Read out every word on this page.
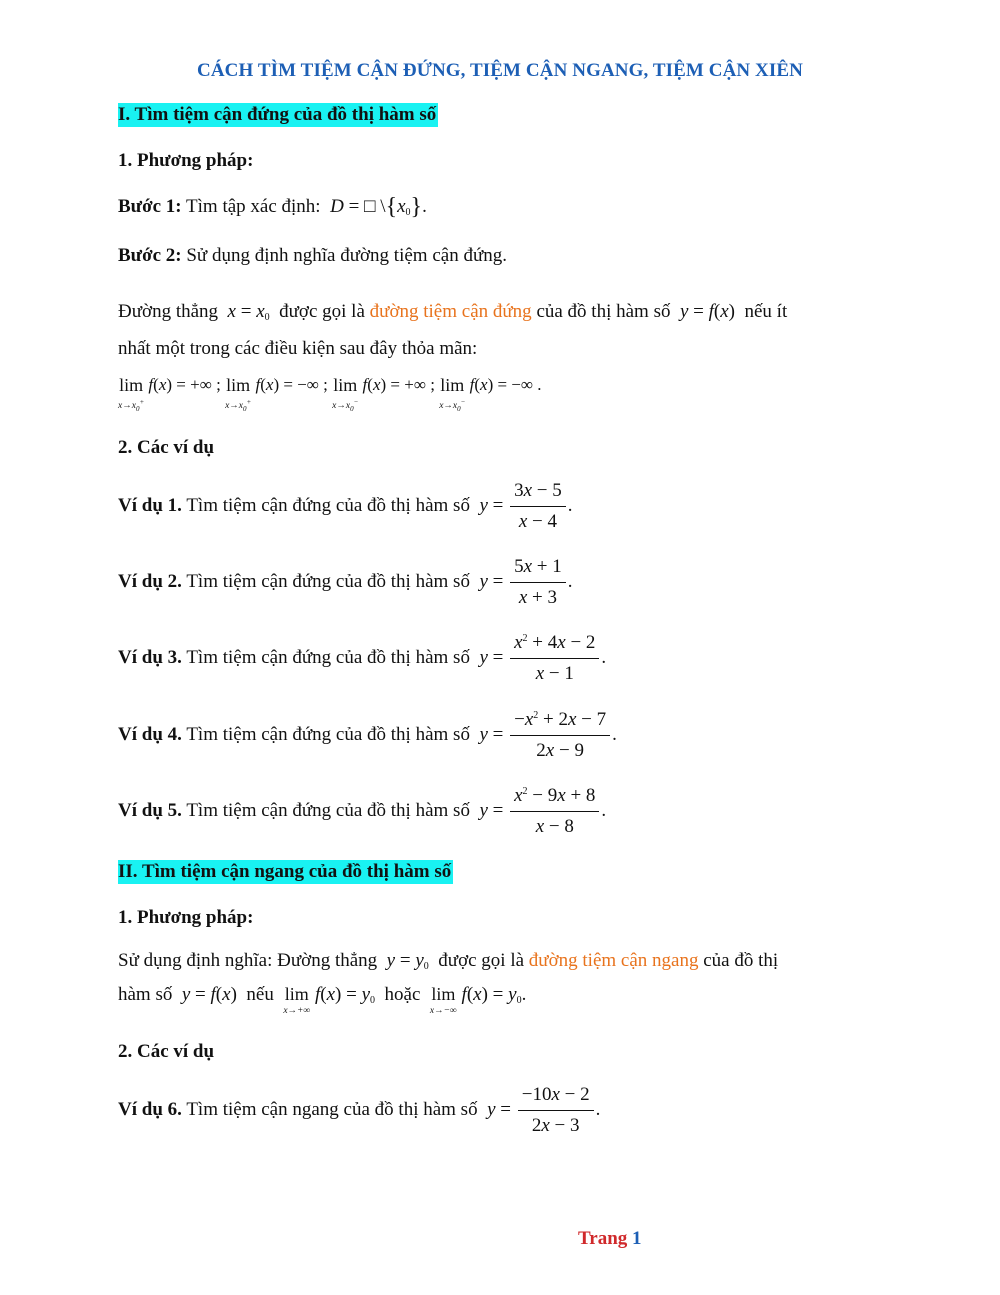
CÁCH TÌM TIỆM CẬN ĐỨNG, TIỆM CẬN NGANG, TIỆM CẬN XIÊN
I. Tìm tiệm cận đứng của đồ thị hàm số
1. Phương pháp:
Bước 1: Tìm tập xác định: D = □ $\backslash\{x_0\}$.
Bước 2: Sử dụng định nghĩa đường tiệm cận đứng.
Đường thẳng $x = x_0$ được gọi là đường tiệm cận đứng của đồ thị hàm số y = f(x)  nếu ít
nhất một trong các điều kiện sau đây thỏa mãn:
lim
$x\to x_0^+$
f(x) = +∞ ; lim
$x\to x_0^+$
f(x) = −∞ ; lim
$x\to x_0^-$
f(x) = +∞ ; lim
$x\to x_0^-$
f(x) = −∞ .
2. Các ví dụ
Ví dụ 1. Tìm tiệm cận đứng của đồ thị hàm số $y = \frac{3x - 5}{x - 4}$ .
Ví dụ 2. Tìm tiệm cận đứng của đồ thị hàm số $y = \frac{5x + 1}{x + 3}$ .
Ví dụ 3. Tìm tiệm cận đứng của đồ thị hàm số $y = \frac{x^2 + 4x - 2}{x - 1}$ .
Ví dụ 4. Tìm tiệm cận đứng của đồ thị hàm số $y = \frac{-x^2 + 2x - 7}{2x - 9}$ .
Ví dụ 5. Tìm tiệm cận đứng của đồ thị hàm số $y = \frac{x^2 - 9x + 8}{x - 8}$ .
II. Tìm tiệm cận ngang của đồ thị hàm số
1. Phương pháp:
Sử dụng định nghĩa: Đường thẳng $y = y_0$ được gọi là đường tiệm cận ngang của đồ thị
hàm số y = f(x)  nếu lim
x→+∞
$f(x) = y_0$ hoặc lim
x→−∞
$f(x) = y_0$.
2. Các ví dụ
Ví dụ 6. Tìm tiệm cận ngang của đồ thị hàm số $y = \frac{-10x - 2}{2x - 3}$ .
Trang 1
